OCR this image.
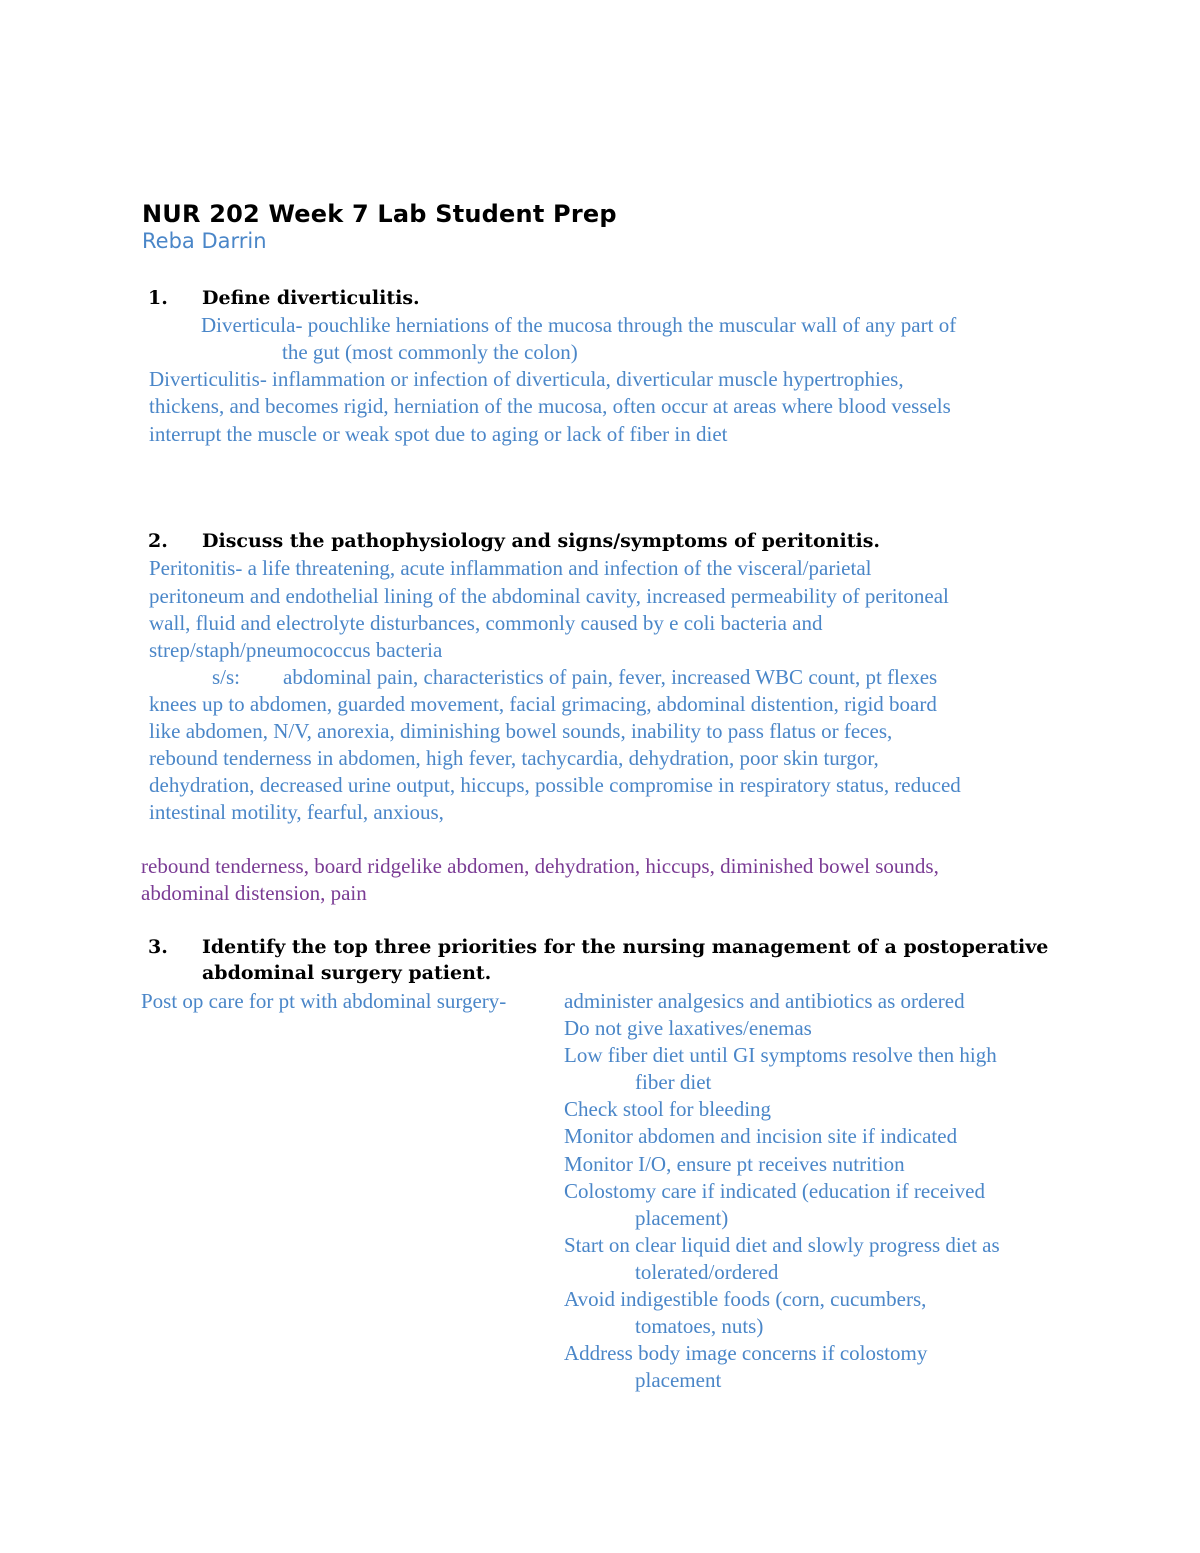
NUR 202 Week 7 Lab Student Prep
Reba Darrin
1. Define diverticulitis.
Diverticula- pouchlike herniations of the mucosa through the muscular wall of any part of
the gut (most commonly the colon)
Diverticulitis- inflammation or infection of diverticula, diverticular muscle hypertrophies,
thickens, and becomes rigid, herniation of the mucosa, often occur at areas where blood vessels
interrupt the muscle or weak spot due to aging or lack of fiber in diet
2. Discuss the pathophysiology and signs/symptoms of peritonitis.
Peritonitis- a life threatening, acute inflammation and infection of the visceral/parietal
peritoneum and endothelial lining of the abdominal cavity, increased permeability of peritoneal
wall, fluid and electrolyte disturbances, commonly caused by e coli bacteria and
strep/staph/pneumococcus bacteria
s/s: abdominal pain, characteristics of pain, fever, increased WBC count, pt flexes
knees up to abdomen, guarded movement, facial grimacing, abdominal distention, rigid board
like abdomen, N/V, anorexia, diminishing bowel sounds, inability to pass flatus or feces,
rebound tenderness in abdomen, high fever, tachycardia, dehydration, poor skin turgor,
dehydration, decreased urine output, hiccups, possible compromise in respiratory status, reduced
intestinal motility, fearful, anxious,
rebound tenderness, board ridgelike abdomen, dehydration, hiccups, diminished bowel sounds,
abdominal distension, pain
3. Identify the top three priorities for the nursing management of a postoperative
abdominal surgery patient.
Post op care for pt with abdominal surgery-	administer analgesics and antibiotics as ordered
Do not give laxatives/enemas
Low fiber diet until GI symptoms resolve then high
fiber diet
Check stool for bleeding
Monitor abdomen and incision site if indicated
Monitor I/O, ensure pt receives nutrition
Colostomy care if indicated (education if received
placement)
Start on clear liquid diet and slowly progress diet as
tolerated/ordered
Avoid indigestible foods (corn, cucumbers,
tomatoes, nuts)
Address body image concerns if colostomy
placement
